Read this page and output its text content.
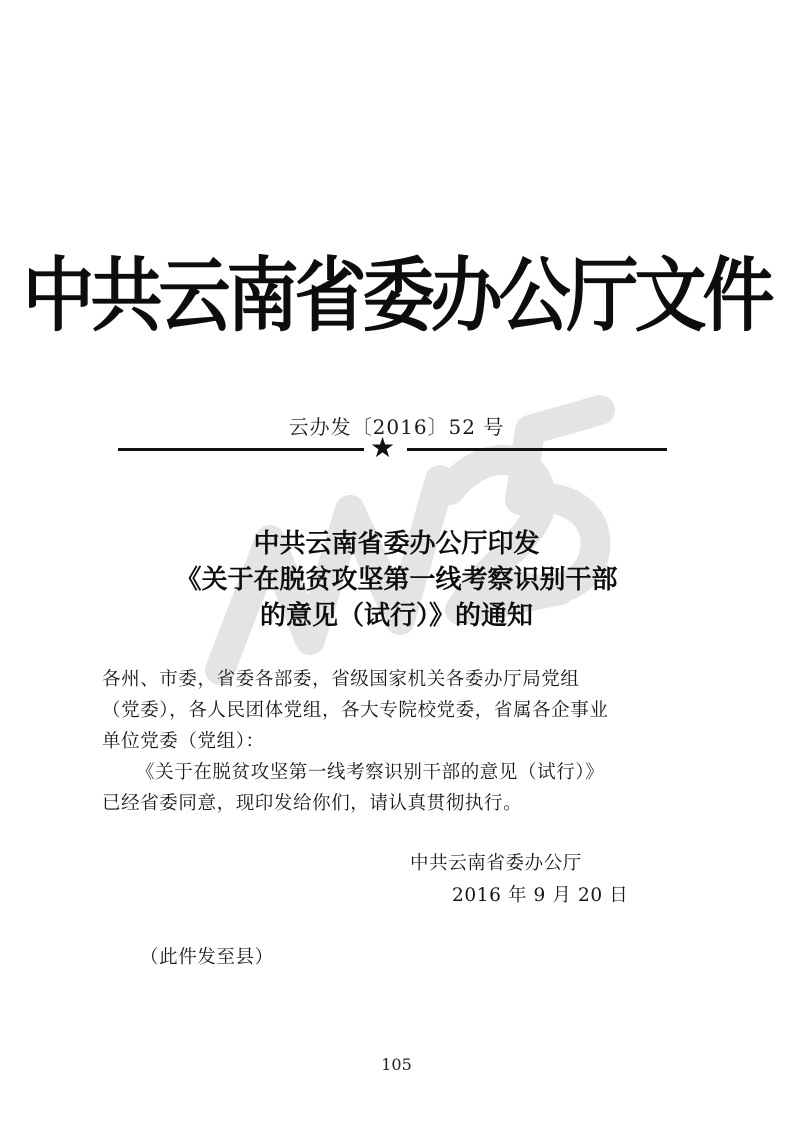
中共云南省委办公厅文件
云办发〔2016〕52 号
★
中共云南省委办公厅印发
《关于在脱贫攻坚第一线考察识别干部
的意见（试行）》的通知
各州、市委，省委各部委，省级国家机关各委办厅局党组
（党委），各人民团体党组，各大专院校党委，省属各企事业
单位党委（党组）：
《关于在脱贫攻坚第一线考察识别干部的意见（试行）》
已经省委同意，现印发给你们，请认真贯彻执行。
中共云南省委办公厅
2016 年 9 月 20 日
（此件发至县）
105
